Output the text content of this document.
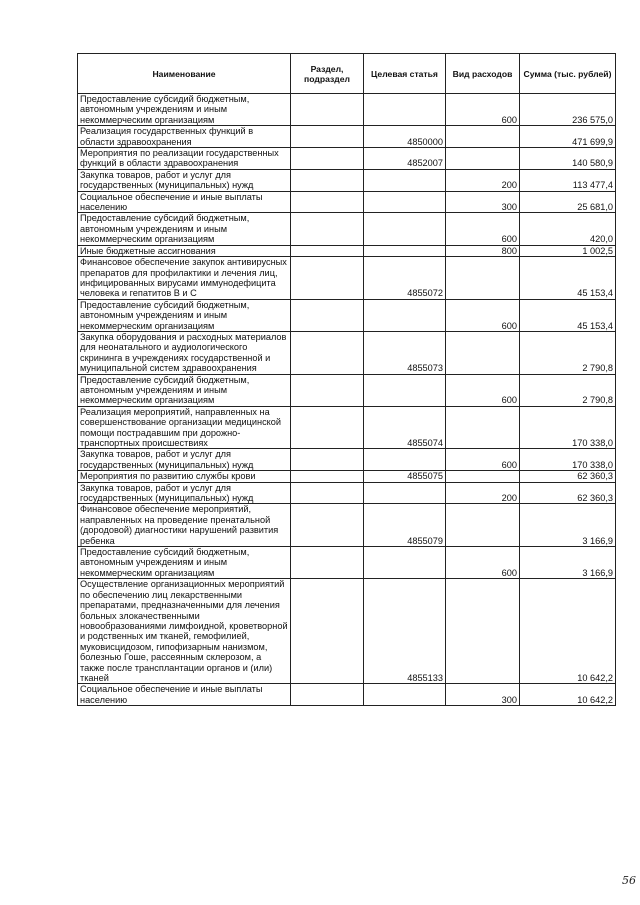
Наименование	Раздел, подраздел	Целевая статья	Вид расходов	Сумма (тыс. рублей)
Предоставление субсидий бюджетным, автономным учреждениям и иным некоммерческим организациям			600	236 575,0
Реализация государственных функций в области здравоохранения		4850000		471 699,9
Мероприятия по реализации государственных функций в области здравоохранения		4852007		140 580,9
Закупка товаров, работ и услуг для государственных (муниципальных) нужд			200	113 477,4
Социальное обеспечение и иные выплаты населению			300	25 681,0
Предоставление субсидий бюджетным, автономным учреждениям и иным некоммерческим организациям			600	420,0
Иные бюджетные ассигнования			800	1 002,5
Финансовое обеспечение закупок антивирусных препаратов для профилактики и лечения лиц, инфицированных вирусами иммунодефицита человека и гепатитов В и С		4855072		45 153,4
Предоставление субсидий бюджетным, автономным учреждениям и иным некоммерческим организациям			600	45 153,4
Закупка оборудования и расходных материалов для неонатального и аудиологического скрининга в учреждениях государственной и муниципальной систем здравоохранения		4855073		2 790,8
Предоставление субсидий бюджетным, автономным учреждениям и иным некоммерческим организациям			600	2 790,8
Реализация мероприятий, направленных на совершенствование организации медицинской помощи пострадавшим при дорожно- транспортных происшествиях		4855074		170 338,0
Закупка товаров, работ и услуг для государственных (муниципальных) нужд			600	170 338,0
Мероприятия по развитию службы крови		4855075		62 360,3
Закупка товаров, работ и услуг для государственных (муниципальных) нужд			200	62 360,3
Финансовое обеспечение мероприятий, направленных на проведение пренатальной (дородовой) диагностики нарушений развития ребенка		4855079		3 166,9
Предоставление субсидий бюджетным, автономным учреждениям и иным некоммерческим организациям			600	3 166,9
Осуществление организационных мероприятий по обеспечению лиц лекарственными препаратами, предназначенными для лечения больных злокачественными новообразованиями лимфоидной, кроветворной и родственных им тканей, гемофилией, муковисцидозом, гипофизарным нанизмом, болезнью Гоше, рассеянным склерозом, а также после трансплантации органов и (или) тканей		4855133		10 642,2
Социальное обеспечение и иные выплаты населению			300	10 642,2
56
